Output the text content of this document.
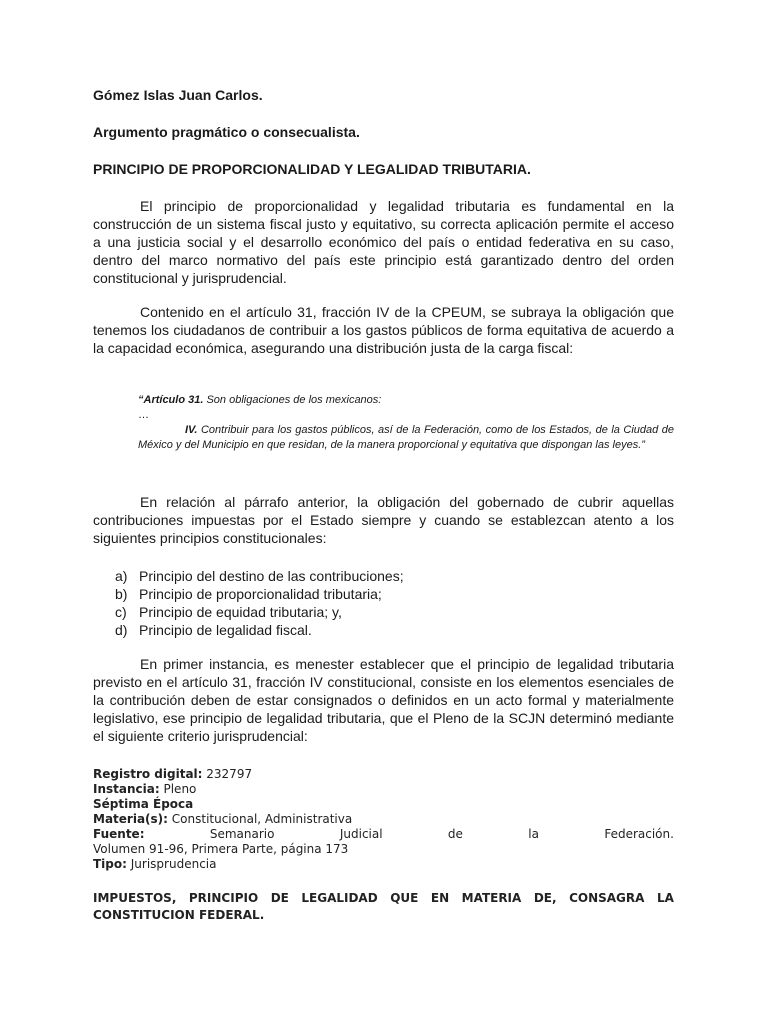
Gómez Islas Juan Carlos.

Argumento pragmático o consecualista.

PRINCIPIO DE PROPORCIONALIDAD Y LEGALIDAD TRIBUTARIA.

El principio de proporcionalidad y legalidad tributaria es fundamental en la construcción de un sistema fiscal justo y equitativo, su correcta aplicación permite el acceso a una justicia social y el desarrollo económico del país o entidad federativa en su caso, dentro del marco normativo del país este principio está garantizado dentro del orden constitucional y jurisprudencial.

Contenido en el artículo 31, fracción IV de la CPEUM, se subraya la obligación que tenemos los ciudadanos de contribuir a los gastos públicos de forma equitativa de acuerdo a la capacidad económica, asegurando una distribución justa de la carga fiscal:

“Artículo 31. Son obligaciones de los mexicanos:

…

IV. Contribuir para los gastos públicos, así de la Federación, como de los Estados, de la Ciudad de México y del Municipio en que residan, de la manera proporcional y equitativa que dispongan las leyes.”

En relación al párrafo anterior, la obligación del gobernado de cubrir aquellas contribuciones impuestas por el Estado siempre y cuando se establezcan atento a los siguientes principios constitucionales:

a) Principio del destino de las contribuciones;
b) Principio de proporcionalidad tributaria;
c) Principio de equidad tributaria; y,
d) Principio de legalidad fiscal.

En primer instancia, es menester establecer que el principio de legalidad tributaria previsto en el artículo 31, fracción IV constitucional, consiste en los elementos esenciales de la contribución deben de estar consignados o definidos en un acto formal y materialmente legislativo, ese principio de legalidad tributaria, que el Pleno de la SCJN determinó mediante el siguiente criterio jurisprudencial:

Registro digital: 232797

Instancia: Pleno

Séptima Época

Materia(s): Constitucional, Administrativa

Fuente:	Semanario	Judicial	de	la	Federación.

Volumen 91-96, Primera Parte, página 173

Tipo: Jurisprudencia

IMPUESTOS, PRINCIPIO DE LEGALIDAD QUE EN MATERIA DE, CONSAGRA LA
CONSTITUCION FEDERAL.
